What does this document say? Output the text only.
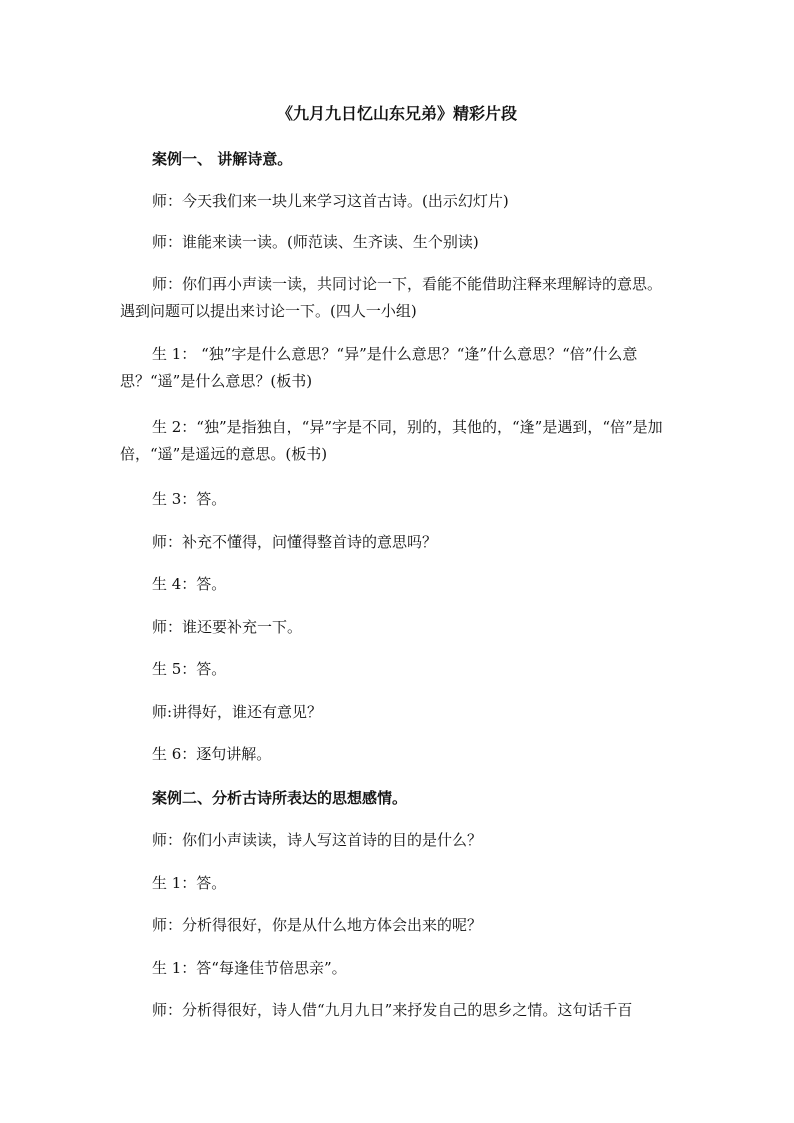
《九月九日忆山东兄弟》精彩片段

案例一、 讲解诗意。

师：今天我们来一块儿来学习这首古诗。(出示幻灯片)

师：谁能来读一读。(师范读、生齐读、生个别读)

师：你们再小声读一读，共同讨论一下，看能不能借助注释来理解诗的意思。遇到问题可以提出来讨论一下。(四人一小组)

生 1： “独”字是什么意思？“异”是什么意思？“逢”什么意思？“倍”什么意思？“遥”是什么意思？(板书)

生 2：“独”是指独自，“异”字是不同，别的，其他的，“逢”是遇到，“倍”是加倍，“遥”是遥远的意思。(板书)

生 3：答。

师：补充不懂得，问懂得整首诗的意思吗？

生 4：答。

师：谁还要补充一下。

生 5：答。

师:讲得好，谁还有意见？

生 6：逐句讲解。

案例二、分析古诗所表达的思想感情。

师：你们小声读读，诗人写这首诗的目的是什么？

生 1：答。

师：分析得很好，你是从什么地方体会出来的呢？

生 1：答“每逢佳节倍思亲”。

师：分析得很好，诗人借“九月九日”来抒发自己的思乡之情。这句话千百
